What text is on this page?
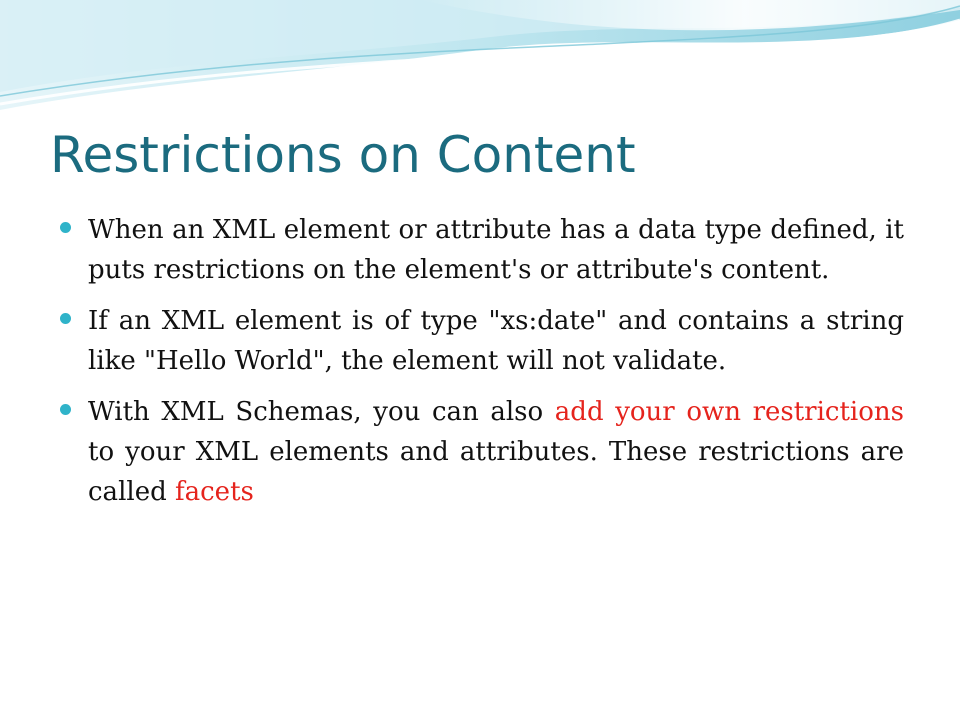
Restrictions on Content
When an XML element or attribute has a data type defined, it puts restrictions on the element's or attribute's content.
If an XML element is of type "xs:date" and contains a string like "Hello World", the element will not validate.
With XML Schemas, you can also add your own restrictions to your XML elements and attributes. These restrictions are called facets
